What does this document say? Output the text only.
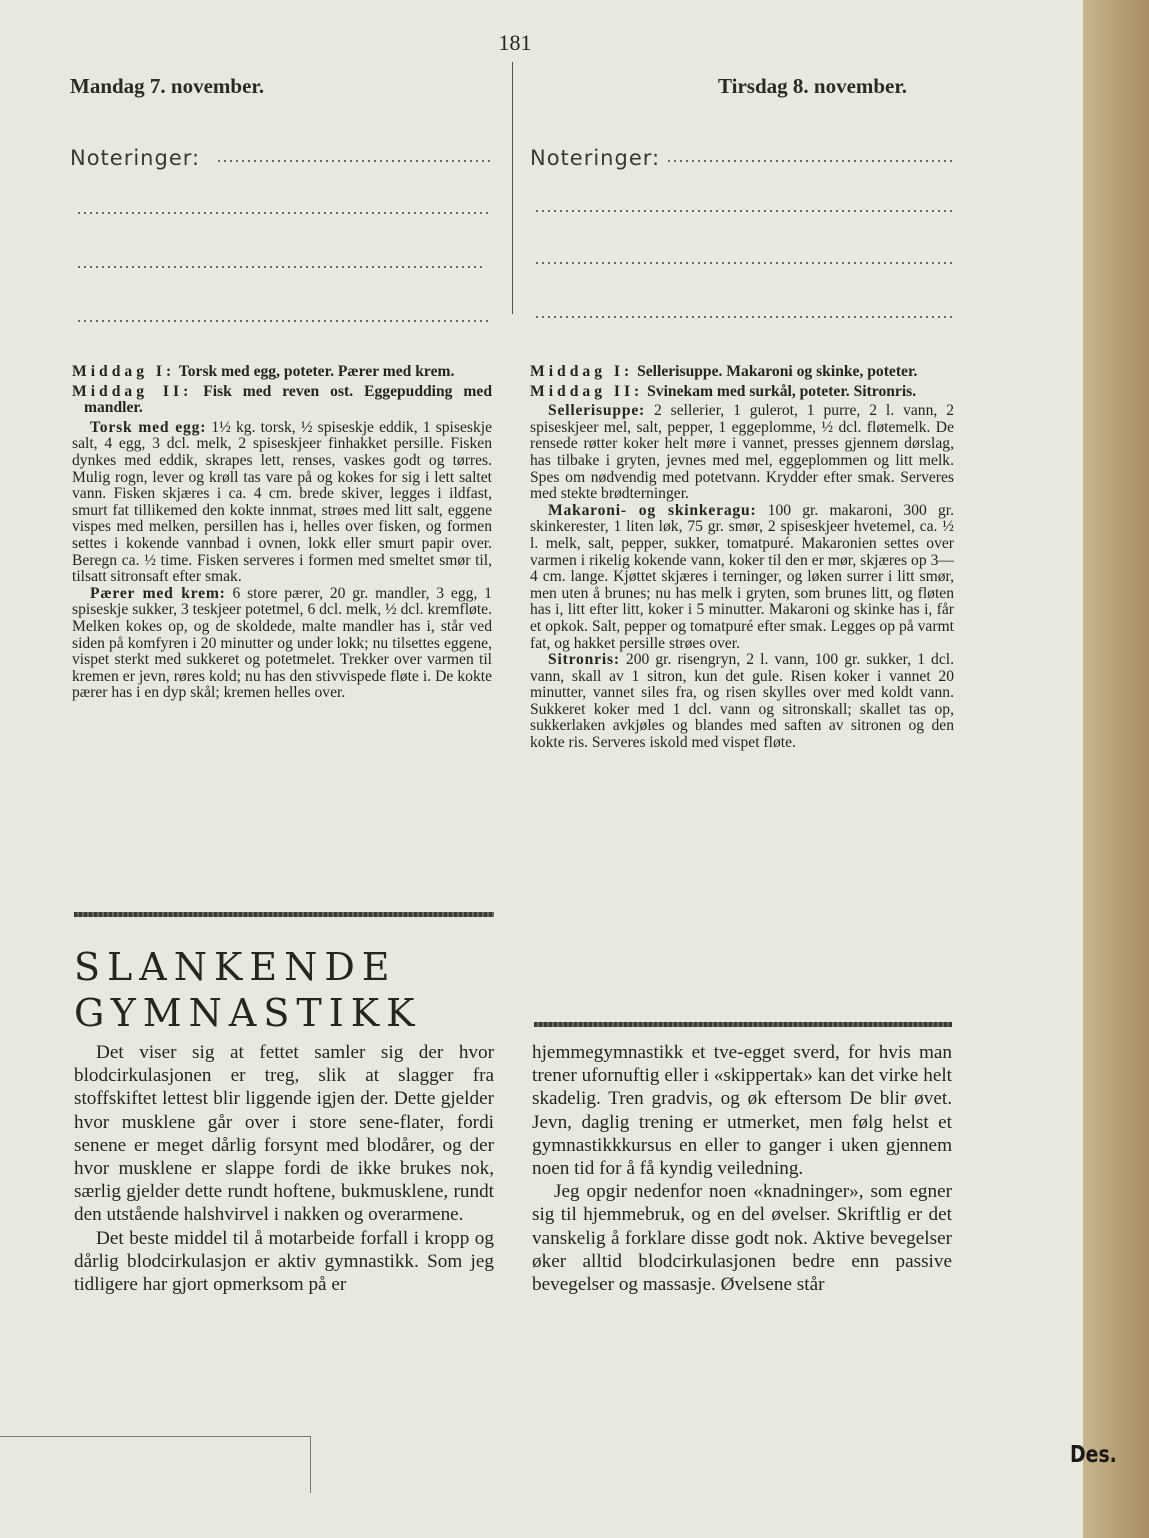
Des.
181
Mandag 7. november.	Tirsdag 8. november.
Noteringer:	Noteringer:

Middag I: Torsk med egg, poteter. Pærer med krem.

Middag II: Fisk med reven ost. Eggepudding med mandler.

Torsk med egg: 1½ kg. torsk, ½ spiseskje eddik, 1 spiseskje salt, 4 egg, 3 dcl. melk, 2 spiseskjeer finhakket persille. Fisken dynkes med eddik, skrapes lett, renses, vaskes godt og tørres. Mulig rogn, lever og krøll tas vare på og kokes for sig i lett saltet vann. Fisken skjæres i ca. 4 cm. brede skiver, legges i ildfast, smurt fat tillikemed den kokte innmat, strøes med litt salt, eggene vispes med melken, persillen has i, helles over fisken, og formen settes i kokende vannbad i ovnen, lokk eller smurt papir over. Beregn ca. ½ time. Fisken serveres i formen med smeltet smør til, tilsatt sitronsaft efter smak.

Pærer med krem: 6 store pærer, 20 gr. mandler, 3 egg, 1 spiseskje sukker, 3 teskjeer potetmel, 6 dcl. melk, ½ dcl. kremfløte. Melken kokes op, og de skoldede, malte mandler has i, står ved siden på komfyren i 20 minutter og under lokk; nu tilsettes eggene, vispet sterkt med sukkeret og potetmelet. Trekker over varmen til kremen er jevn, røres kold; nu has den stivvispede fløte i. De kokte pærer has i en dyp skål; kremen helles over.

Middag I: Sellerisuppe. Makaroni og skinke, poteter.

Middag II: Svinekam med surkål, poteter. Sitronris.

Sellerisuppe: 2 sellerier, 1 gulerot, 1 purre, 2 l. vann, 2 spiseskjeer mel, salt, pepper, 1 eggeplomme, ½ dcl. fløtemelk. De rensede røtter koker helt møre i vannet, presses gjennem dørslag, has tilbake i gryten, jevnes med mel, eggeplommen og litt melk. Spes om nødvendig med potetvann. Krydder efter smak. Serveres med stekte brødterninger.

Makaroni- og skinkeragu: 100 gr. makaroni, 300 gr. skinkerester, 1 liten løk, 75 gr. smør, 2 spiseskjeer hvetemel, ca. ½ l. melk, salt, pepper, sukker, tomatpuré. Makaronien settes over varmen i rikelig kokende vann, koker til den er mør, skjæres op 3—4 cm. lange. Kjøttet skjæres i terninger, og løken surrer i litt smør, men uten å brunes; nu has melk i gryten, som brunes litt, og fløten has i, litt efter litt, koker i 5 minutter. Makaroni og skinke has i, får et opkok. Salt, pepper og tomatpuré efter smak. Legges op på varmt fat, og hakket persille strøes over.

Sitronris: 200 gr. risengryn, 2 l. vann, 100 gr. sukker, 1 dcl. vann, skall av 1 sitron, kun det gule. Risen koker i vannet 20 minutter, vannet siles fra, og risen skylles over med koldt vann. Sukkeret koker med 1 dcl. vann og sitronskall; skallet tas op, sukkerlaken avkjøles og blandes med saften av sitronen og den kokte ris. Serveres iskold med vispet fløte.

SLANKENDE
GYMNASTIKK

Det viser sig at fettet samler sig der hvor blodcirkulasjonen er treg, slik at slagger fra stoffskiftet lettest blir liggende igjen der. Dette gjelder hvor musklene går over i store sene-flater, fordi senene er meget dårlig forsynt med blodårer, og der hvor musklene er slappe fordi de ikke brukes nok, særlig gjelder dette rundt hoftene, bukmusklene, rundt den utstående halshvirvel i nakken og overarmene.

Det beste middel til å motarbeide forfall i kropp og dårlig blodcirkulasjon er aktiv gymnastikk. Som jeg tidligere har gjort opmerksom på er

hjemmegymnastikk et tve-egget sverd, for hvis man trener ufornuftig eller i «skippertak» kan det virke helt skadelig. Tren gradvis, og øk eftersom De blir øvet. Jevn, daglig trening er utmerket, men følg helst et gymnastikkkursus en eller to ganger i uken gjennem noen tid for å få kyndig veiledning.

Jeg opgir nedenfor noen «knadninger», som egner sig til hjemmebruk, og en del øvelser. Skriftlig er det vanskelig å forklare disse godt nok. Aktive bevegelser øker alltid blodcirkulasjonen bedre enn passive bevegelser og massasje. Øvelsene står
